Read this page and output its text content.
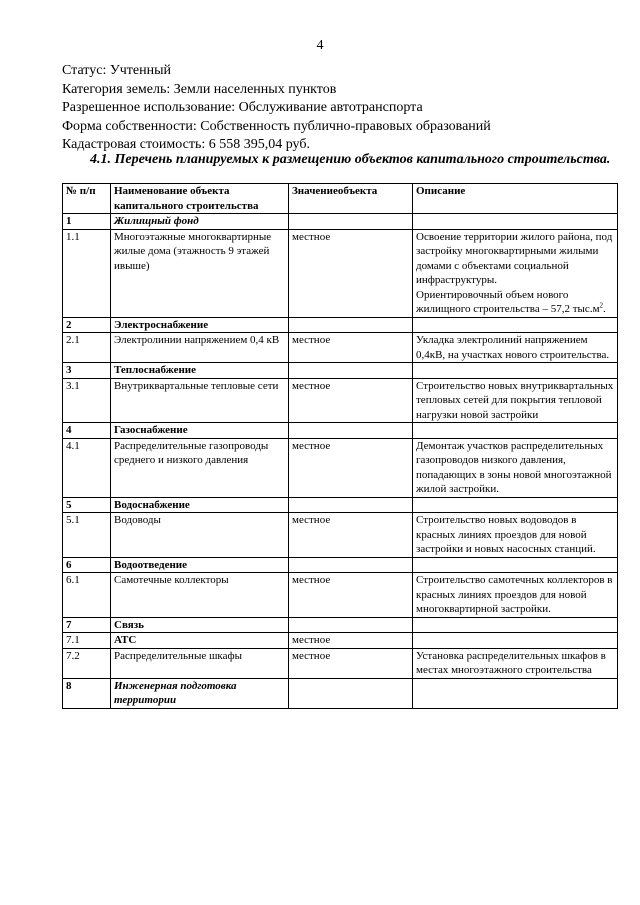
4
Статус: Учтенный
Категория земель: Земли населенных пунктов
Разрешенное использование: Обслуживание автотранспорта
Форма собственности: Собственность публично-правовых образований
Кадастровая стоимость: 6 558 395,04 руб.
4.1. Перечень планируемых к размещению объектов капитального строительства.
№ п/п	Наименование объекта капитального строительства	Значениеобъекта	Описание
1	Жилищный фонд		
1.1	Многоэтажные многоквартирные жилые дома (этажность 9 этажей ивыше)	местное	Освоение территории жилого района, под застройку многоквартирными жилыми домами с объектами социальной инфраструктуры.
Ориентировочный объем нового жилищного строительства – 57,2 $тыс.м^2$.

2	Электроснабжение		
2.1	Электролинии напряжением 0,4 кВ	местное	Укладка электролиний напряжением 0,4кВ, на участках нового строительства.
3	Теплоснабжение		
3.1	Внутриквартальные тепловые сети	местное	Строительство новых внутриквартальных тепловых сетей для покрытия тепловой нагрузки новой застройки
4	Газоснабжение		
4.1	Распределительные газопроводы среднего и низкого давления	местное	Демонтаж участков распределительных газопроводов низкого давления, попадающих в зоны новой многоэтажной жилой застройки.
5	Водоснабжение		
5.1	Водоводы	местное	Строительство новых водоводов в красных линиях проездов для новой застройки и новых насосных станций.
6	Водоотведение		
6.1	Самотечные коллекторы	местное	Строительство самотечных коллекторов в красных линиях проездов для новой многоквартирной застройки.
7	Связь		
7.1	АТС	местное	
7.2	Распределительные шкафы	местное	Установка распределительных шкафов в местах многоэтажного строительства
8	Инженерная подготовка территории		
